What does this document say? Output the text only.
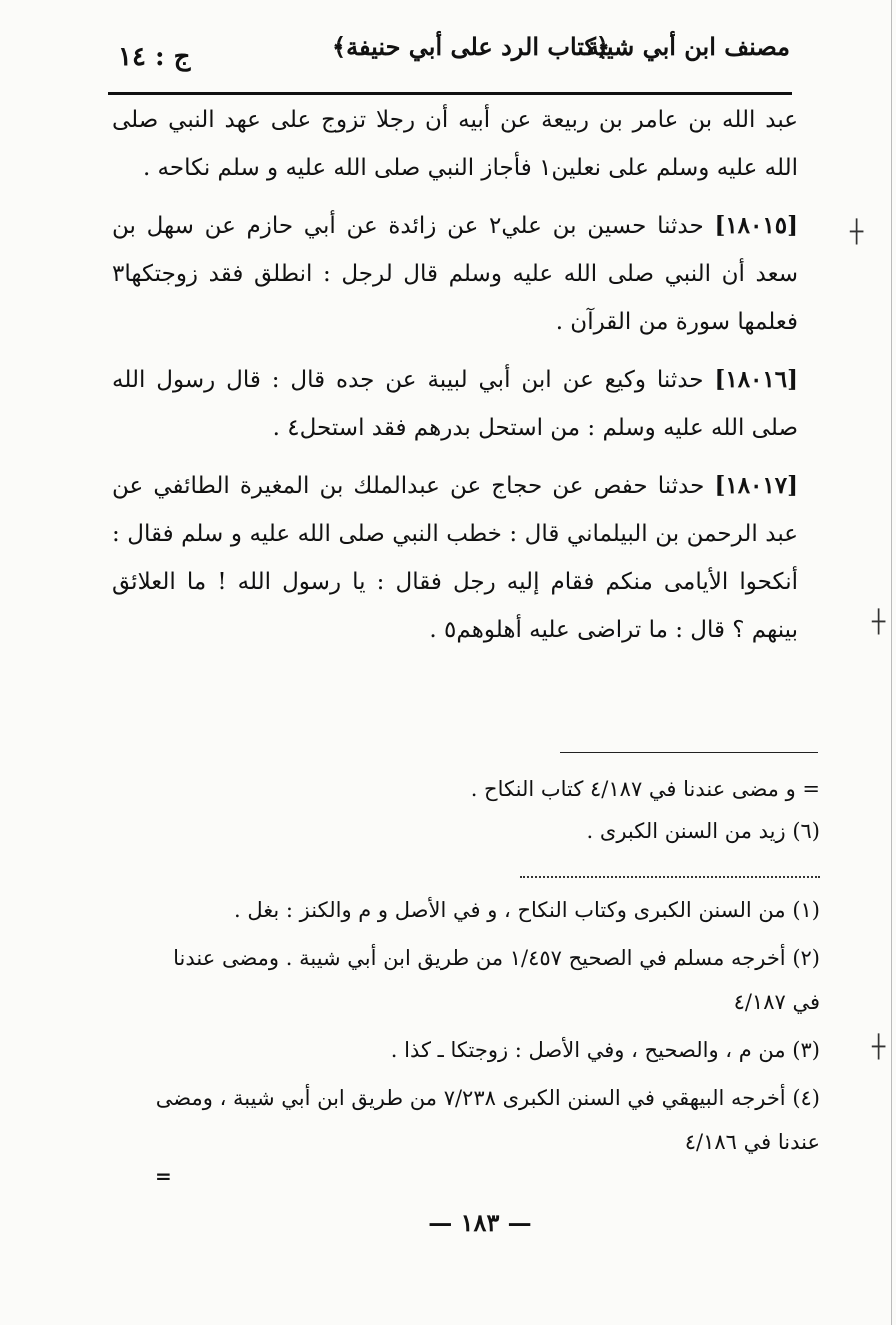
مصنف ابن أبي شيبة
﴿كتاب الرد على أبي حنيفة﴾
ج : ١٤

عبد الله بن عامر بن ربيعة عن أبيه أن رجلا تزوج على عهد النبي صلى الله عليه وسلم على نعلين١ فأجاز النبي صلى الله عليه و سلم نكاحه .

[١٨٠١٥] حدثنا حسين بن علي٢ عن زائدة عن أبي حازم عن سهل بن سعد أن النبي صلى الله عليه وسلم قال لرجل : انطلق فقد زوجتكها٣ فعلمها سورة من القرآن .

[١٨٠١٦] حدثنا وكيع عن ابن أبي لبيبة عن جده قال : قال رسول الله صلى الله عليه وسلم : من استحل بدرهم فقد استحل٤ .

[١٨٠١٧] حدثنا حفص عن حجاج عن عبدالملك بن المغيرة الطائفي عن عبد الرحمن بن البيلماني قال : خطب النبي صلى الله عليه و سلم فقال : أنكحوا الأيامى منكم فقام إليه رجل فقال : يا رسول الله ! ما العلائق بينهم ؟ قال : ما تراضى عليه أهلوهم٥ .

= و مضى عندنا في ٤/١٨٧ كتاب النكاح .
(٦) زيد من السنن الكبرى .

(١) من السنن الكبرى وكتاب النكاح ، و في الأصل و م والكنز : بغل .

(٢) أخرجه مسلم في الصحيح ١/٤٥٧ من طريق ابن أبي شيبة . ومضى عندنا في ٤/١٨٧

(٣) من م ، والصحيح ، وفي الأصل : زوجتكا ـ كذا .

(٤) أخرجه البيهقي في السنن الكبرى ٧/٢٣٨ من طريق ابن أبي شيبة ، ومضى عندنا في ٤/١٨٦

=
— ١٨٣ —
┼
┼
┼
